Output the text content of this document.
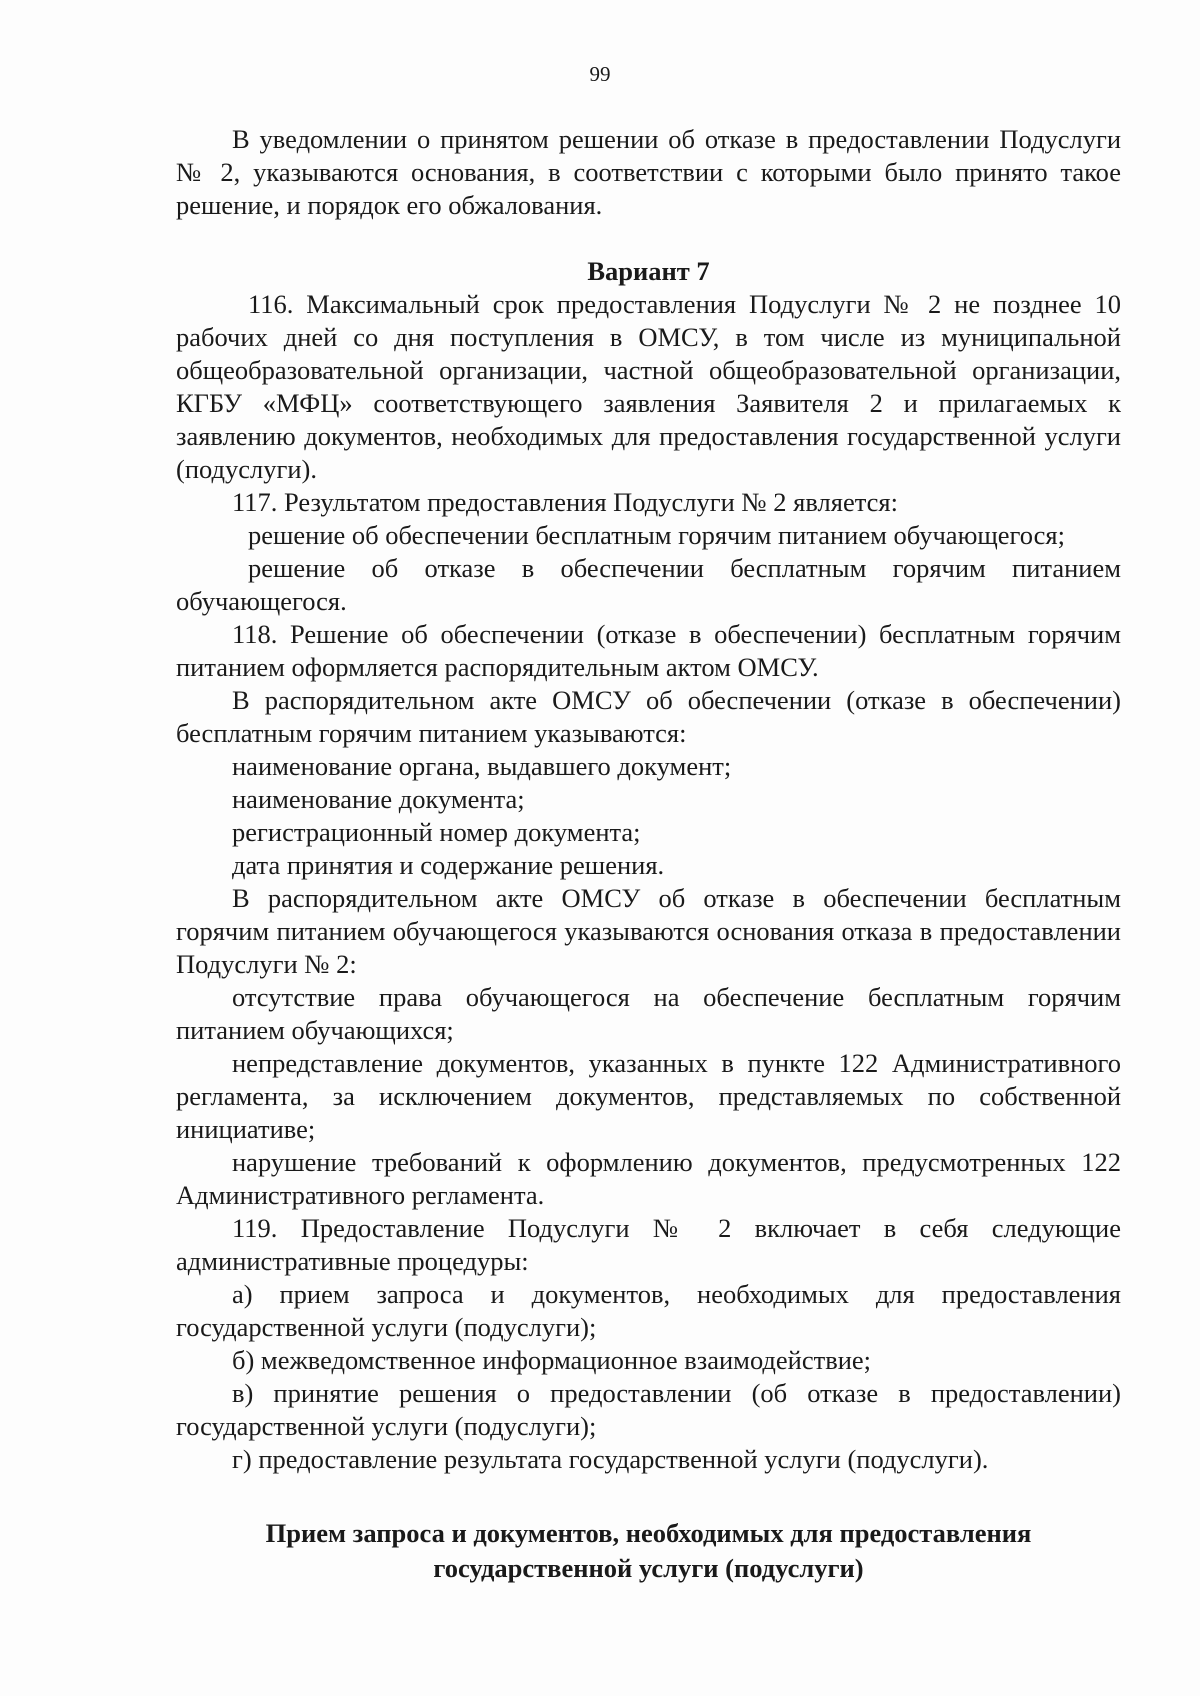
99

В уведомлении о принятом решении об отказе в предоставлении Подуслуги № 2, указываются основания, в соответствии с которыми было принято такое решение, и порядок его обжалования.

Вариант 7

116. Максимальный срок предоставления Подуслуги № 2 не позднее 10 рабочих дней со дня поступления в ОМСУ, в том числе из муниципальной общеобразовательной организации, частной общеобразовательной организации, КГБУ «МФЦ» соответствующего заявления Заявителя 2 и прилагаемых к заявлению документов, необходимых для предоставления государственной услуги (подуслуги).

117. Результатом предоставления Подуслуги № 2 является:

решение об обеспечении бесплатным горячим питанием обучающегося;

решение об отказе в обеспечении бесплатным горячим питанием обучающегося.

118. Решение об обеспечении (отказе в обеспечении) бесплатным горячим питанием оформляется распорядительным актом ОМСУ.

В распорядительном акте ОМСУ об обеспечении (отказе в обеспечении) бесплатным горячим питанием указываются:

наименование органа, выдавшего документ;

наименование документа;

регистрационный номер документа;

дата принятия и содержание решения.

В распорядительном акте ОМСУ об отказе в обеспечении бесплатным горячим питанием обучающегося указываются основания отказа в предоставлении Подуслуги № 2:

отсутствие права обучающегося на обеспечение бесплатным горячим питанием обучающихся;

непредставление документов, указанных в пункте 122 Административного регламента, за исключением документов, представляемых по собственной инициативе;

нарушение требований к оформлению документов, предусмотренных 122 Административного регламента.

119. Предоставление Подуслуги № 2 включает в себя следующие административные процедуры:

а) прием запроса и документов, необходимых для предоставления государственной услуги (подуслуги);

б) межведомственное информационное взаимодействие;

в) принятие решения о предоставлении (об отказе в предоставлении) государственной услуги (подуслуги);

г) предоставление результата государственной услуги (подуслуги).

Прием запроса и документов, необходимых для предоставления государственной услуги (подуслуги)
